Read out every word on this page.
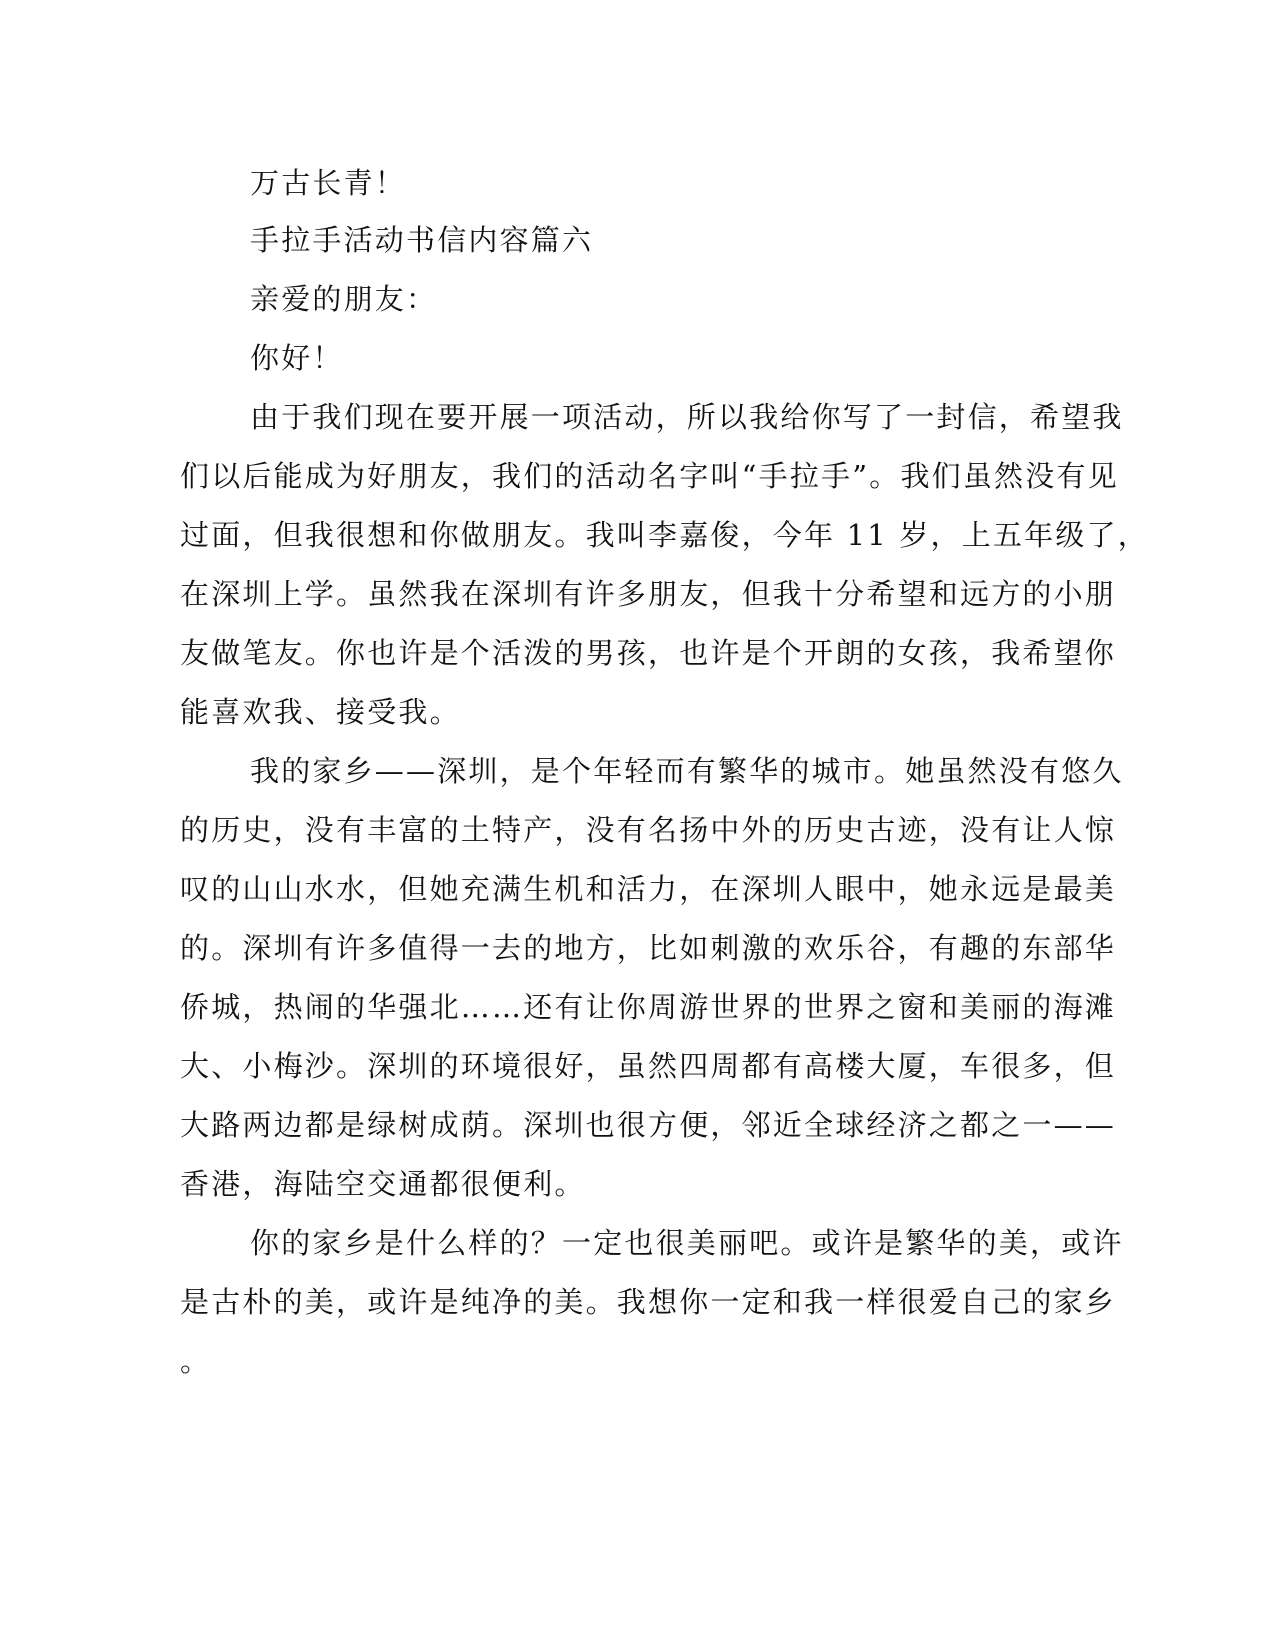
万古长青！

手拉手活动书信内容篇六

亲爱的朋友：

你好！

由于我们现在要开展一项活动，所以我给你写了一封信，希望我

们以后能成为好朋友，我们的活动名字叫“手拉手”。我们虽然没有见

过面，但我很想和你做朋友。我叫李嘉俊，今年 11 岁，上五年级了，

在深圳上学。虽然我在深圳有许多朋友，但我十分希望和远方的小朋

友做笔友。你也许是个活泼的男孩，也许是个开朗的女孩，我希望你

能喜欢我、接受我。

我的家乡——深圳，是个年轻而有繁华的城市。她虽然没有悠久

的历史，没有丰富的土特产，没有名扬中外的历史古迹，没有让人惊

叹的山山水水，但她充满生机和活力，在深圳人眼中，她永远是最美

的。深圳有许多值得一去的地方，比如刺激的欢乐谷，有趣的东部华

侨城，热闹的华强北……还有让你周游世界的世界之窗和美丽的海滩

大、小梅沙。深圳的环境很好，虽然四周都有高楼大厦，车很多，但

大路两边都是绿树成荫。深圳也很方便，邻近全球经济之都之一——

香港，海陆空交通都很便利。

你的家乡是什么样的？一定也很美丽吧。或许是繁华的美，或许

是古朴的美，或许是纯净的美。我想你一定和我一样很爱自己的家乡

。
